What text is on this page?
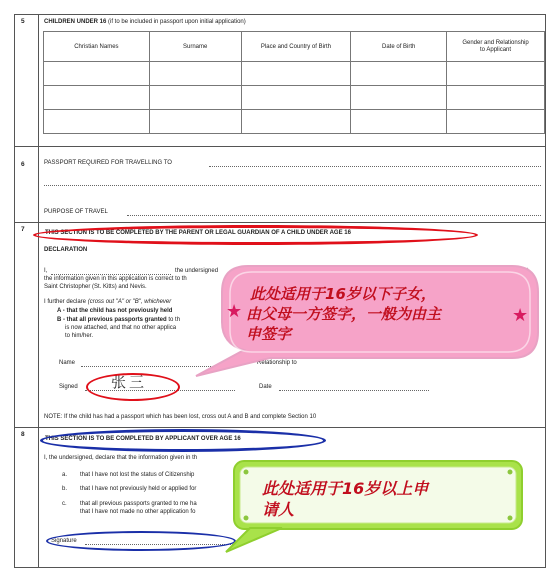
5	CHILDREN UNDER 16 (if to be included in passport upon initial application)
Christian Names	Surname	Place and Country of Birth	Date of Birth	Gender and Relationship to Applicant

6	PASSPORT REQUIRED FOR TRAVELLING TO
PURPOSE OF TRAVEL
7	THIS SECTION IS TO BE COMPLETED BY THE PARENT OR LEGAL GUARDIAN OF A CHILD UNDER AGE 16
DECLARATION
I,	the undersigned
the information given in this application is correct to th
Saint Christopher (St. Kitts) and Nevis.
I further declare (cross out "A" or "B", whichever
A - that the child has not previously held
B - that all previous passports granted to th
is now attached, and that no other applica
to him/her.
Name	Relationship to
Signed 张三	Date
NOTE: If the child has had a passport which has been lost, cross out A and B and complete Section 10
8
THIS SECTION IS TO BE COMPLETED BY APPLICANT OVER AGE 16
I, the undersigned, declare that the information given in th
a. that I have not lost the status of Citizenship
b. that I have not previously held or applied for
c. that all previous passports granted to me ha
that I have not made no other application fo
Signature
★	★
此处适用于16岁以下子女，
由父母一方签字，一般为由主
申签字
此处适用于16岁以上申
请人
